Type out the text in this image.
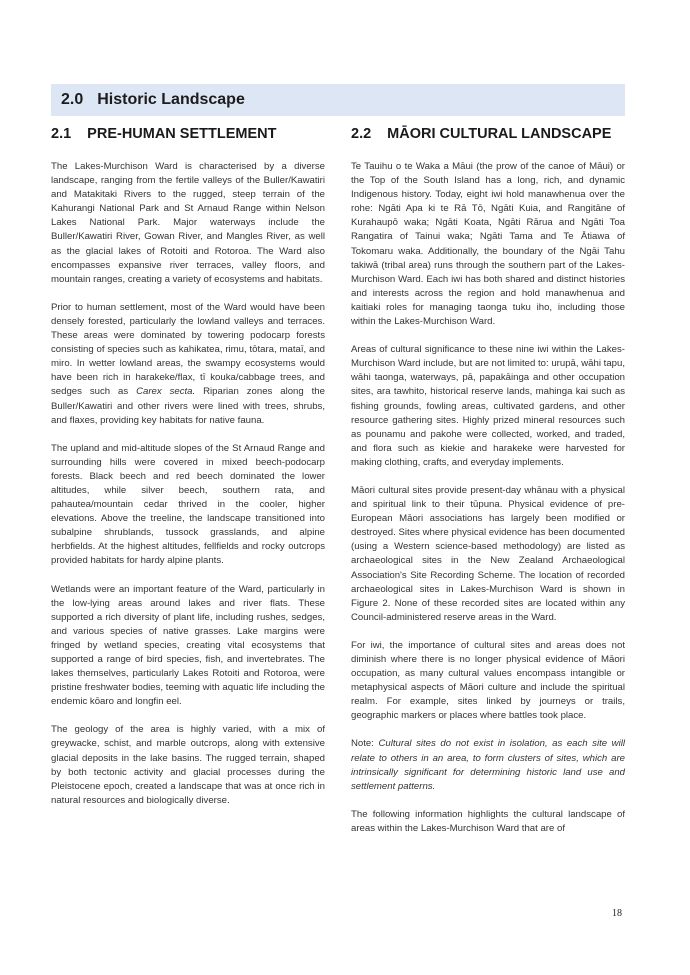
2.0 Historic Landscape
2.1 PRE-HUMAN SETTLEMENT

The Lakes-Murchison Ward is characterised by a diverse landscape, ranging from the fertile valleys of the Buller/Kawatiri and Matakitaki Rivers to the rugged, steep terrain of the Kahurangi National Park and St Arnaud Range within Nelson Lakes National Park. Major waterways include the Buller/Kawatiri River, Gowan River, and Mangles River, as well as the glacial lakes of Rotoiti and Rotoroa. The Ward also encompasses expansive river terraces, valley floors, and mountain ranges, creating a variety of ecosystems and habitats.

Prior to human settlement, most of the Ward would have been densely forested, particularly the lowland valleys and terraces. These areas were dominated by towering podocarp forests consisting of species such as kahikatea, rimu, tōtara, mataī, and miro. In wetter lowland areas, the swampy ecosystems would have been rich in harakeke/flax, tī kouka/cabbage trees, and sedges such as Carex secta. Riparian zones along the Buller/Kawatiri and other rivers were lined with trees, shrubs, and flaxes, providing key habitats for native fauna.

The upland and mid-altitude slopes of the St Arnaud Range and surrounding hills were covered in mixed beech-podocarp forests. Black beech and red beech dominated the lower altitudes, while silver beech, southern rata, and pahautea/mountain cedar thrived in the cooler, higher elevations. Above the treeline, the landscape transitioned into subalpine shrublands, tussock grasslands, and alpine herbfields. At the highest altitudes, fellfields and rocky outcrops provided habitats for hardy alpine plants.

Wetlands were an important feature of the Ward, particularly in the low-lying areas around lakes and river flats. These supported a rich diversity of plant life, including rushes, sedges, and various species of native grasses. Lake margins were fringed by wetland species, creating vital ecosystems that supported a range of bird species, fish, and invertebrates. The lakes themselves, particularly Lakes Rotoiti and Rotoroa, were pristine freshwater bodies, teeming with aquatic life including the endemic kōaro and longfin eel.

The geology of the area is highly varied, with a mix of greywacke, schist, and marble outcrops, along with extensive glacial deposits in the lake basins. The rugged terrain, shaped by both tectonic activity and glacial processes during the Pleistocene epoch, created a landscape that was at once rich in natural resources and biologically diverse.

2.2 MĀORI CULTURAL LANDSCAPE

Te Tauihu o te Waka a Māui (the prow of the canoe of Māui) or the Top of the South Island has a long, rich, and dynamic Indigenous history. Today, eight iwi hold manawhenua over the rohe: Ngāti Apa ki te Rā Tō, Ngāti Kuia, and Rangitāne of Kurahaupō waka; Ngāti Koata, Ngāti Rārua and Ngāti Toa Rangatira of Tainui waka; Ngāti Tama and Te Ātiawa of Tokomaru waka. Additionally, the boundary of the Ngāi Tahu takiwā (tribal area) runs through the southern part of the Lakes-Murchison Ward. Each iwi has both shared and distinct histories and interests across the region and hold manawhenua and kaitiaki roles for managing taonga tuku iho, including those within the Lakes-Murchison Ward.

Areas of cultural significance to these nine iwi within the Lakes-Murchison Ward include, but are not limited to: urupā, wāhi tapu, wāhi taonga, waterways, pā, papakāinga and other occupation sites, ara tawhito, historical reserve lands, mahinga kai such as fishing grounds, fowling areas, cultivated gardens, and other resource gathering sites. Highly prized mineral resources such as pounamu and pakohe were collected, worked, and traded, and flora such as kiekie and harakeke were harvested for making clothing, crafts, and everyday implements.

Māori cultural sites provide present-day whānau with a physical and spiritual link to their tūpuna. Physical evidence of pre-European Māori associations has largely been modified or destroyed. Sites where physical evidence has been documented (using a Western science-based methodology) are listed as archaeological sites in the New Zealand Archaeological Association's Site Recording Scheme. The location of recorded archaeological sites in Lakes-Murchison Ward is shown in Figure 2. None of these recorded sites are located within any Council-administered reserve areas in the Ward.

For iwi, the importance of cultural sites and areas does not diminish where there is no longer physical evidence of Māori occupation, as many cultural values encompass intangible or metaphysical aspects of Māori culture and include the spiritual realm. For example, sites linked by journeys or trails, geographic markers or places where battles took place.

Note: Cultural sites do not exist in isolation, as each site will relate to others in an area, to form clusters of sites, which are intrinsically significant for determining historic land use and settlement patterns.

The following information highlights the cultural landscape of areas within the Lakes-Murchison Ward that are of

18
